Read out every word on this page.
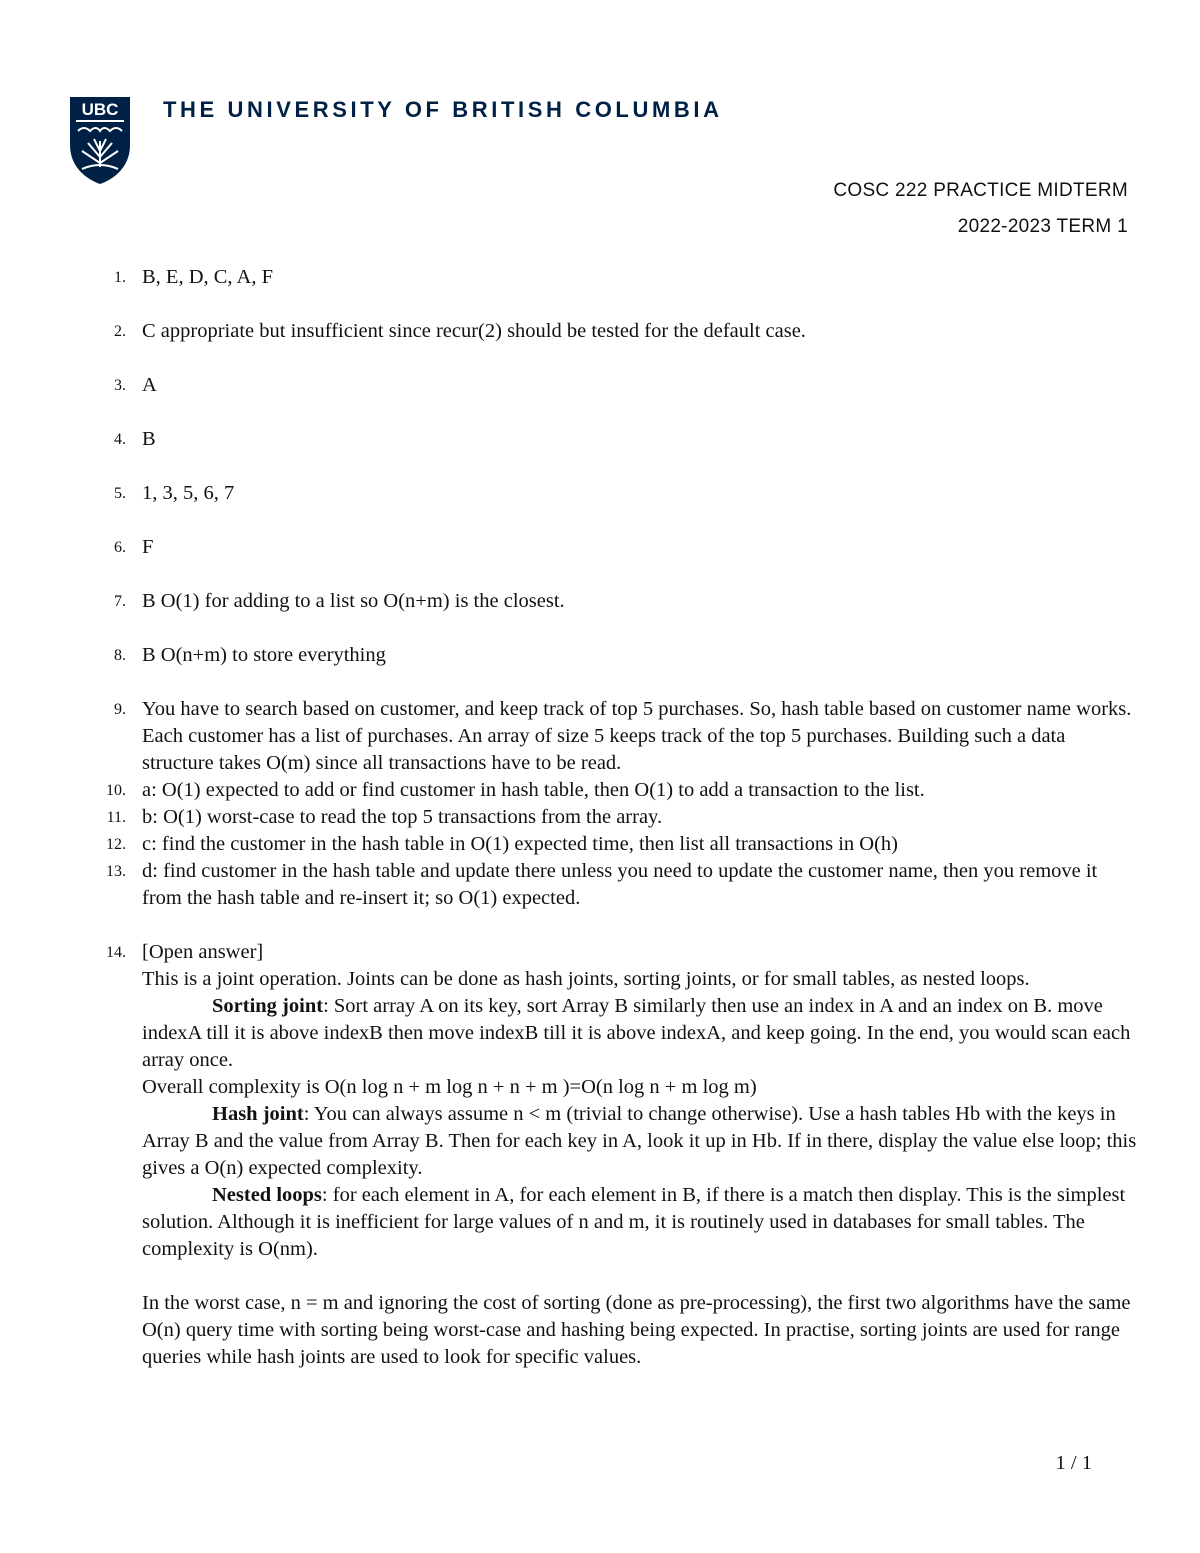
UBC THE UNIVERSITY OF BRITISH COLUMBIA
COSC 222 PRACTICE MIDTERM
2022-2023 TERM 1
1. B, E, D, C, A, F
2. C appropriate but insufficient since recur(2) should be tested for the default case.
3. A
4. B
5. 1, 3, 5, 6, 7
6. F
7. B O(1) for adding to a list so O(n+m) is the closest.
8. B O(n+m) to store everything
9. You have to search based on customer, and keep track of top 5 purchases. So, hash table based on customer name works. Each customer has a list of purchases. An array of size 5 keeps track of the top 5 purchases. Building such a data structure takes O(m) since all transactions have to be read.
10. a: O(1) expected to add or find customer in hash table, then O(1) to add a transaction to the list.
11. b: O(1) worst-case to read the top 5 transactions from the array.
12. c: find the customer in the hash table in O(1) expected time, then list all transactions in O(h)
13. d: find customer in the hash table and update there unless you need to update the customer name, then you remove it from the hash table and re-insert it; so O(1) expected.
14. [Open answer]
This is a joint operation. Joints can be done as hash joints, sorting joints, or for small tables, as nested loops.
Sorting joint: Sort array A on its key, sort Array B similarly then use an index in A and an index on B. move indexA till it is above indexB then move indexB till it is above indexA, and keep going. In the end, you would scan each array once.
Overall complexity is O(n log n + m log n + n + m )=O(n log n + m log m)
Hash joint: You can always assume n < m (trivial to change otherwise). Use a hash tables Hb with the keys in Array B and the value from Array B. Then for each key in A, look it up in Hb. If in there, display the value else loop; this gives a O(n) expected complexity.
Nested loops: for each element in A, for each element in B, if there is a match then display. This is the simplest solution. Although it is inefficient for large values of n and m, it is routinely used in databases for small tables. The complexity is O(nm).
In the worst case, n = m and ignoring the cost of sorting (done as pre-processing), the first two algorithms have the same O(n) query time with sorting being worst-case and hashing being expected. In practise, sorting joints are used for range queries while hash joints are used to look for specific values.
1 / 1
